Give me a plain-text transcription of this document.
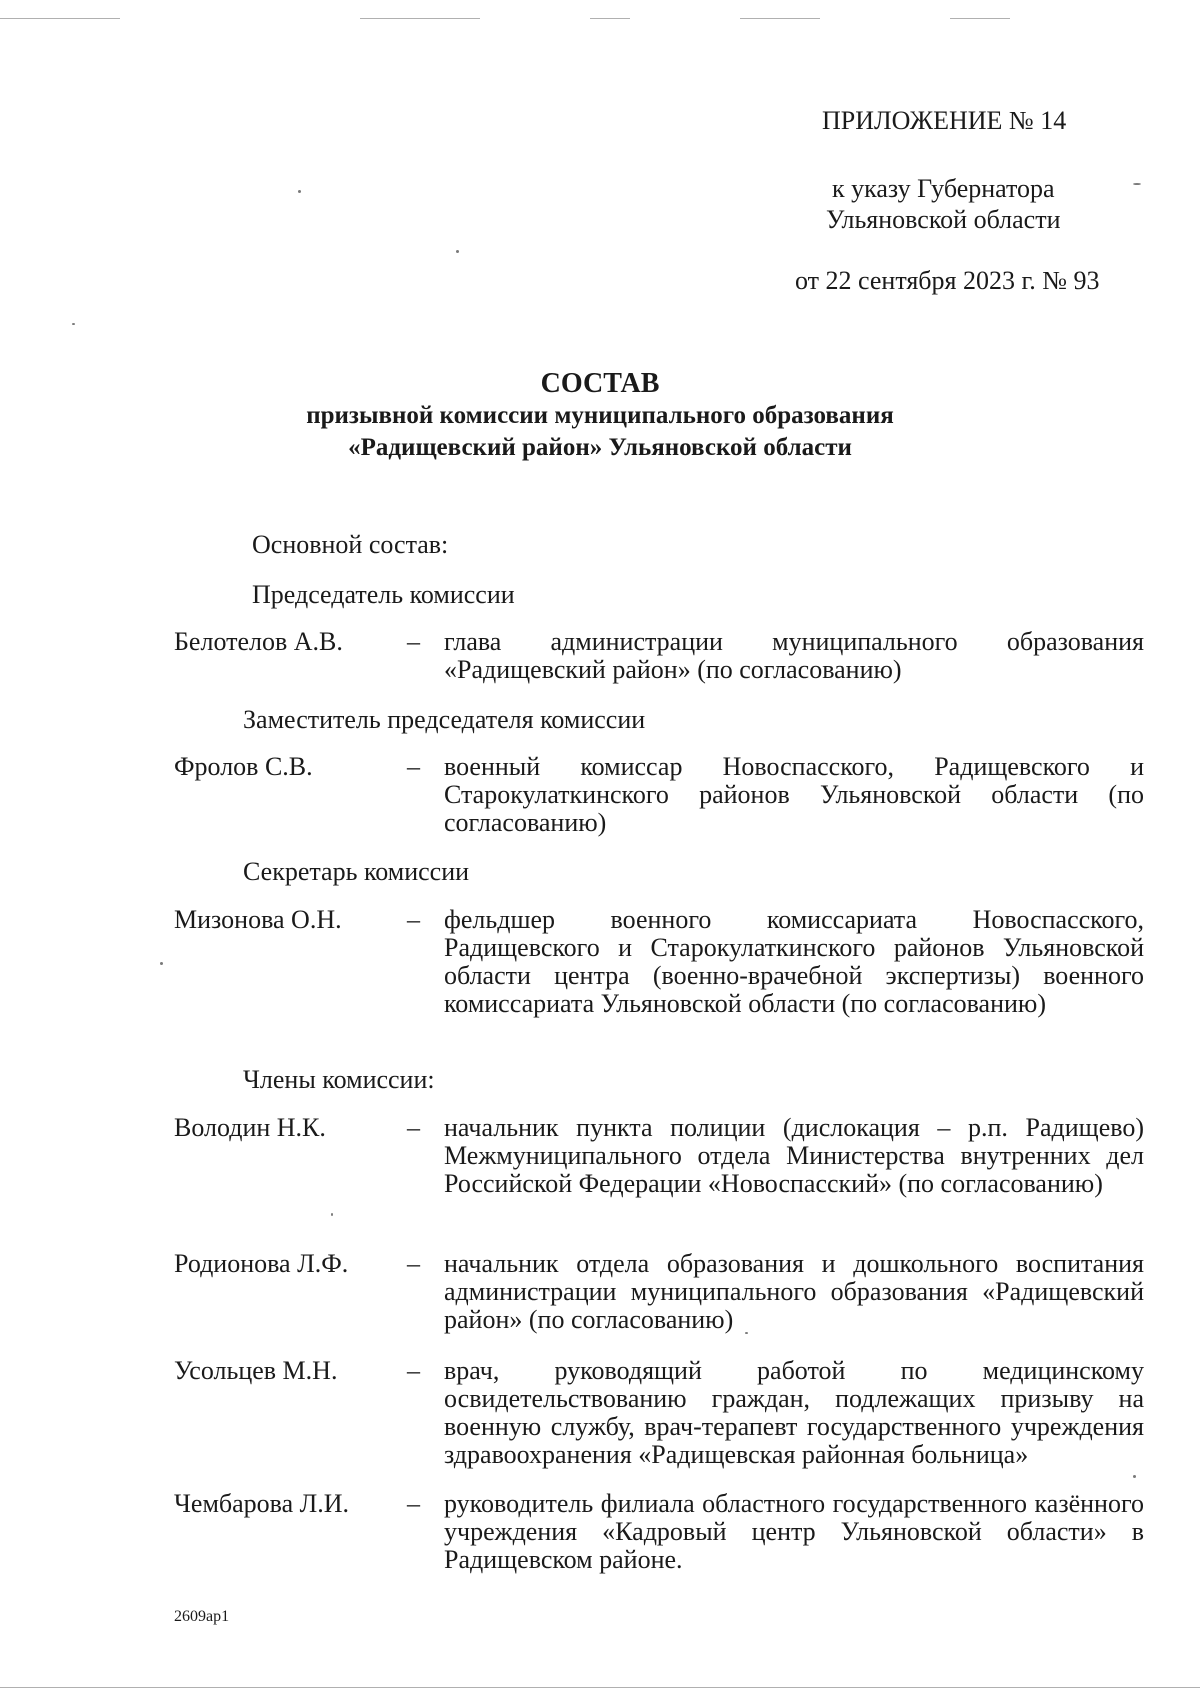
ПРИЛОЖЕНИЕ № 14
к указу Губернатора
Ульяновской области
от 22 сентября 2023 г. № 93
СОСТАВ
призывной комиссии муниципального образования
«Радищевский район» Ульяновской области
Основной состав:
Председатель комиссии
Белотелов А.В. – глава администрации муниципального образования «Радищевский район» (по согласованию)
Заместитель председателя комиссии
Фролов С.В.	– военный комиссар Новоспасского, Радищевского и Старокулаткинского районов Ульяновской области (по согласованию)
Секретарь комиссии
Мизонова О.Н.	– фельдшер военного комиссариата Новоспасского, Радищевского и Старокулаткинского районов Ульяновской области центра (военно-врачебной экспертизы) военного комиссариата Ульяновской области (по согласованию)
Члены комиссии:
Володин Н.К.	– начальник пункта полиции (дислокация – р.п. Радищево) Межмуниципального отдела Министерства внутренних дел Российской Федерации «Новоспасский» (по согласованию)
Родионова Л.Ф. – начальник отдела образования и дошкольного воспитания администрации муниципального образования «Радищевский район» (по согласованию)
Усольцев М.Н.	– врач, руководящий работой по медицинскому освидетельствованию граждан, подлежащих призыву на военную службу, врач-терапевт государственного учреждения здравоохранения «Радищевская районная больница»
Чембарова Л.И. – руководитель филиала областного государственного казённого учреждения «Кадровый центр Ульяновской области» в Радищевском районе.
2609ap1
